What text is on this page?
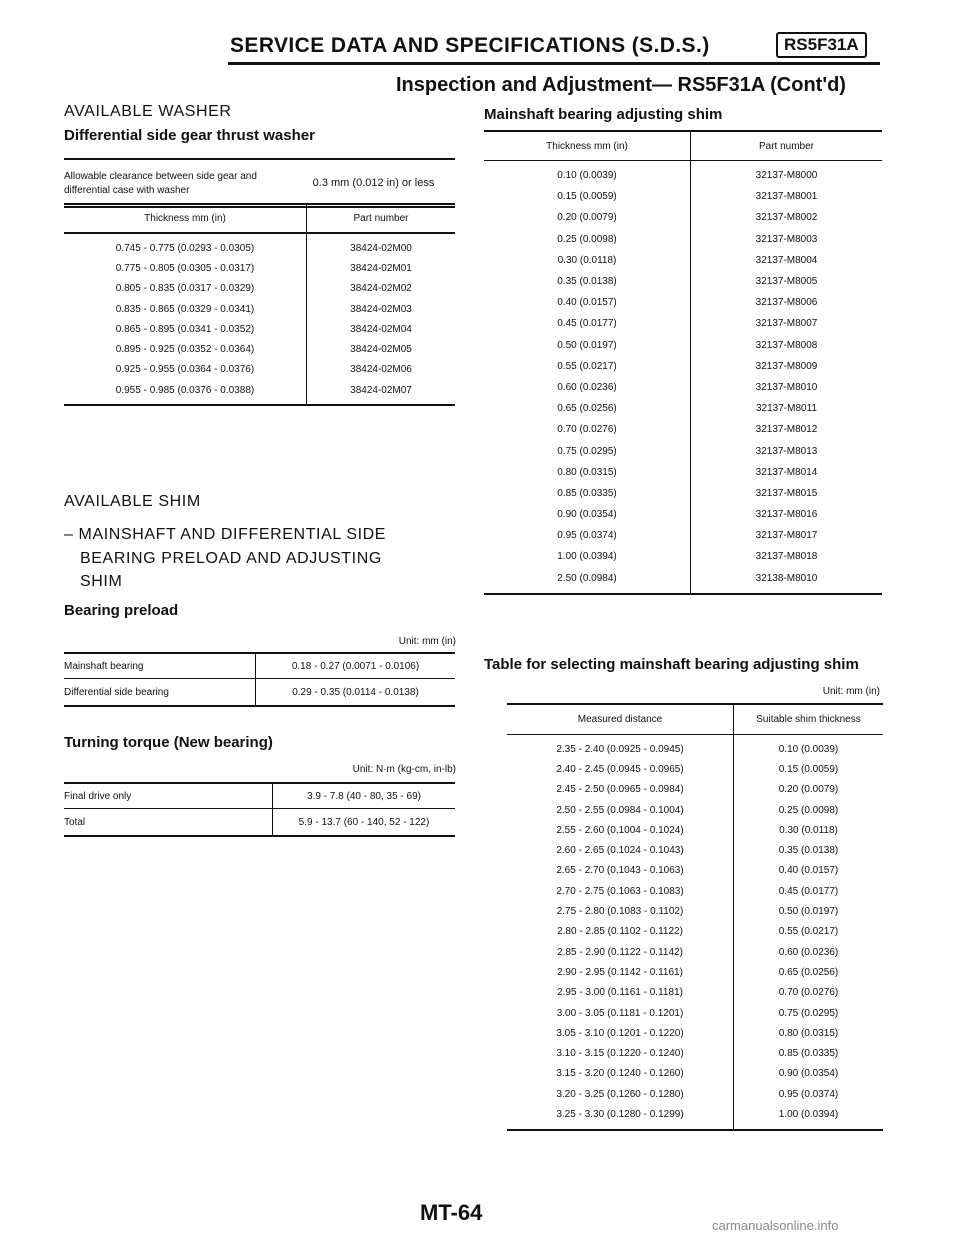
SERVICE DATA AND SPECIFICATIONS (S.D.S.)	RS5F31A
Inspection and Adjustment— RS5F31A (Cont'd)
AVAILABLE WASHER
Differential side gear thrust washer
Allowable clearance between side gear and differential case with washer	0.3 mm (0.012 in) or less
Thickness mm (in)	Part number
0.745 - 0.775 (0.0293 - 0.0305)	38424-02M00
0.775 - 0.805 (0.0305 - 0.0317)	38424-02M01
0.805 - 0.835 (0.0317 - 0.0329)	38424-02M02
0.835 - 0.865 (0.0329 - 0.0341)	38424-02M03
0.865 - 0.895 (0.0341 - 0.0352)	38424-02M04
0.895 - 0.925 (0.0352 - 0.0364)	38424-02M05
0.925 - 0.955 (0.0364 - 0.0376)	38424-02M06
0.955 - 0.985 (0.0376 - 0.0388)	38424-02M07
AVAILABLE SHIM
– MAINSHAFT AND DIFFERENTIAL SIDE
BEARING PRELOAD AND ADJUSTING
SHIM
Bearing preload
Unit: mm (in)
Mainshaft bearing	0.18 - 0.27 (0.0071 - 0.0106)
Differential side bearing	0.29 - 0.35 (0.0114 - 0.0138)
Turning torque (New bearing)
Unit: N·m (kg-cm, in-lb)
Final drive only	3.9 - 7.8 (40 - 80, 35 - 69)
Total	5.9 - 13.7 (60 - 140, 52 - 122)
Mainshaft bearing adjusting shim
Thickness mm (in)	Part number
0.10 (0.0039)	32137-M8000
0.15 (0.0059)	32137-M8001
0.20 (0.0079)	32137-M8002
0.25 (0.0098)	32137-M8003
0.30 (0.0118)	32137-M8004
0.35 (0.0138)	32137-M8005
0.40 (0.0157)	32137-M8006
0.45 (0.0177)	32137-M8007
0.50 (0.0197)	32137-M8008
0.55 (0.0217)	32137-M8009
0.60 (0.0236)	32137-M8010
0.65 (0.0256)	32137-M8011
0.70 (0.0276)	32137-M8012
0.75 (0.0295)	32137-M8013
0.80 (0.0315)	32137-M8014
0.85 (0.0335)	32137-M8015
0.90 (0.0354)	32137-M8016
0.95 (0.0374)	32137-M8017
1.00 (0.0394)	32137-M8018
2.50 (0.0984)	32138-M8010
Table for selecting mainshaft bearing adjusting shim
Unit: mm (in)
Measured distance	Suitable shim thickness
2.35 - 2.40 (0.0925 - 0.0945)	0.10 (0.0039)
2.40 - 2.45 (0.0945 - 0.0965)	0.15 (0.0059)
2.45 - 2.50 (0.0965 - 0.0984)	0.20 (0.0079)
2.50 - 2.55 (0.0984 - 0.1004)	0.25 (0.0098)
2.55 - 2.60 (0.1004 - 0.1024)	0.30 (0.0118)
2.60 - 2.65 (0.1024 - 0.1043)	0.35 (0.0138)
2.65 - 2.70 (0.1043 - 0.1063)	0.40 (0.0157)
2.70 - 2.75 (0.1063 - 0.1083)	0.45 (0.0177)
2.75 - 2.80 (0.1083 - 0.1102)	0.50 (0.0197)
2.80 - 2.85 (0.1102 - 0.1122)	0.55 (0.0217)
2.85 - 2.90 (0.1122 - 0.1142)	0.60 (0.0236)
2.90 - 2.95 (0.1142 - 0.1161)	0.65 (0.0256)
2.95 - 3.00 (0.1161 - 0.1181)	0.70 (0.0276)
3.00 - 3.05 (0.1181 - 0.1201)	0.75 (0.0295)
3.05 - 3.10 (0.1201 - 0.1220)	0.80 (0.0315)
3.10 - 3.15 (0.1220 - 0.1240)	0.85 (0.0335)
3.15 - 3.20 (0.1240 - 0.1260)	0.90 (0.0354)
3.20 - 3.25 (0.1260 - 0.1280)	0.95 (0.0374)
3.25 - 3.30 (0.1280 - 0.1299)	1.00 (0.0394)
MT-64
carmanualsonline.info
